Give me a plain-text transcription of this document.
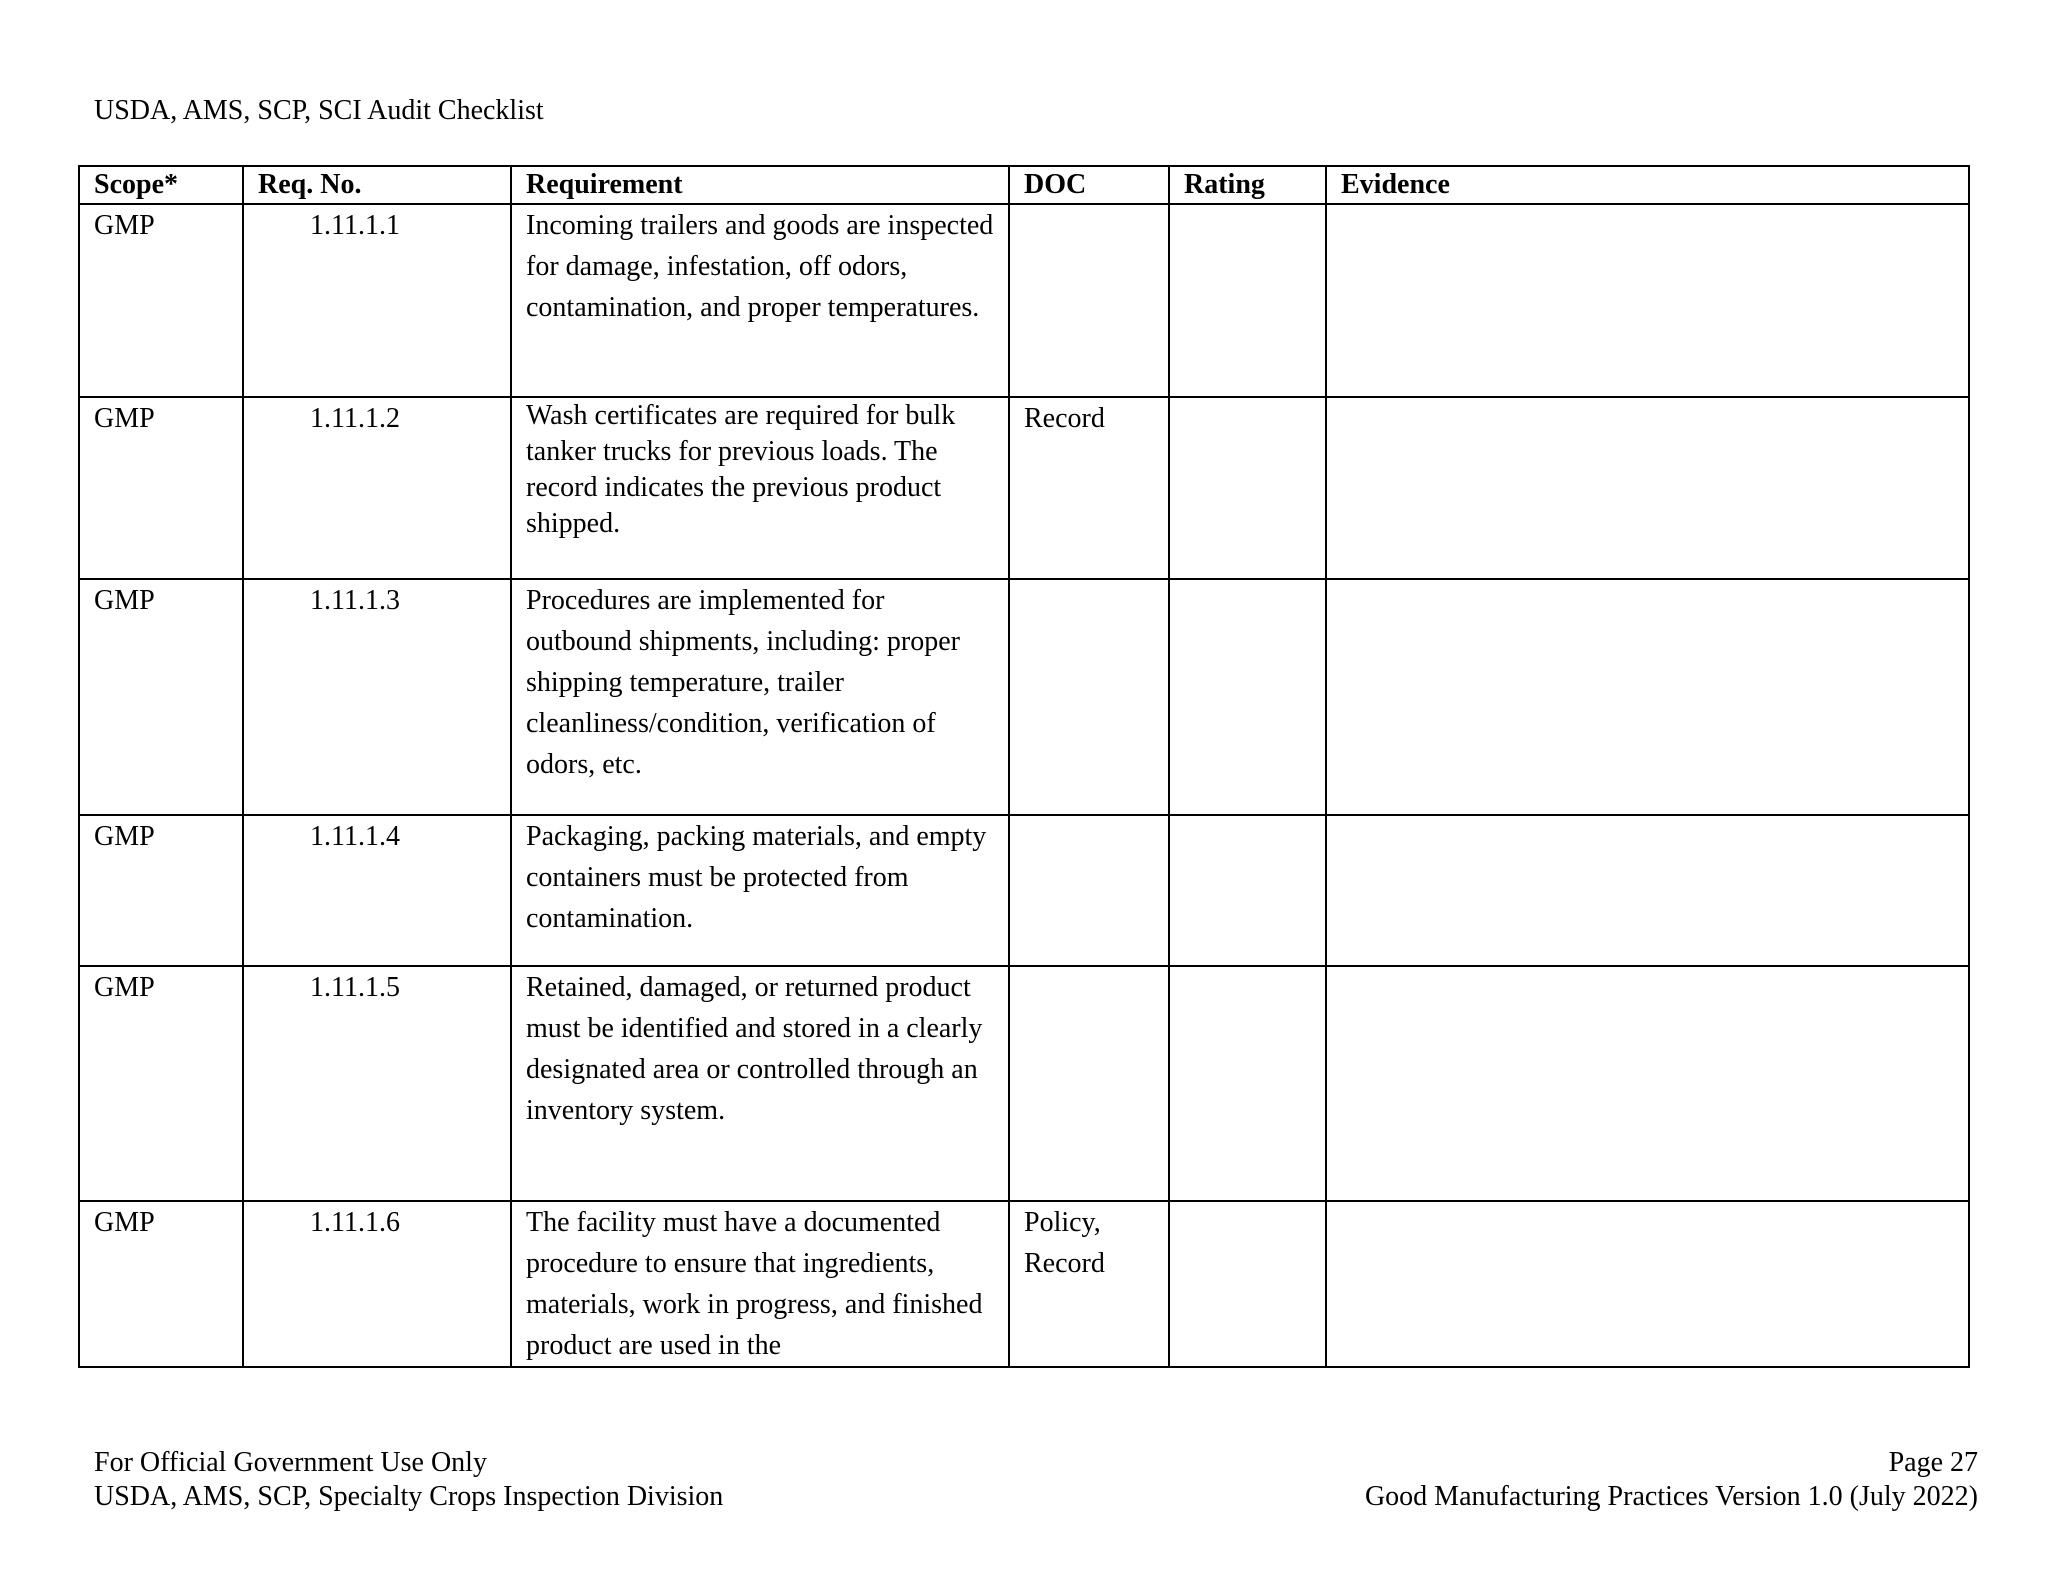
USDA, AMS, SCP, SCI Audit Checklist
Scope*	Req. No.	Requirement	DOC	Rating	Evidence
GMP	1.11.1.1	Incoming trailers and goods are inspected for damage, infestation, off odors, contamination, and proper temperatures.			
GMP	1.11.1.2	Wash certificates are required for bulk tanker trucks for previous loads. The record indicates the previous product shipped.	Record		
GMP	1.11.1.3	Procedures are implemented for outbound shipments, including: proper shipping temperature, trailer cleanliness/condition, verification of odors, etc.			
GMP	1.11.1.4	Packaging, packing materials, and empty containers must be protected from contamination.			
GMP	1.11.1.5	Retained, damaged, or returned product must be identified and stored in a clearly designated area or controlled through an inventory system.			
GMP	1.11.1.6	The facility must have a documented procedure to ensure that ingredients, materials, work in progress, and finished product are used in the	Policy, Record		
For Official Government Use Only
USDA, AMS, SCP, Specialty Crops Inspection Division
Page 27
Good Manufacturing Practices Version 1.0 (July 2022)
